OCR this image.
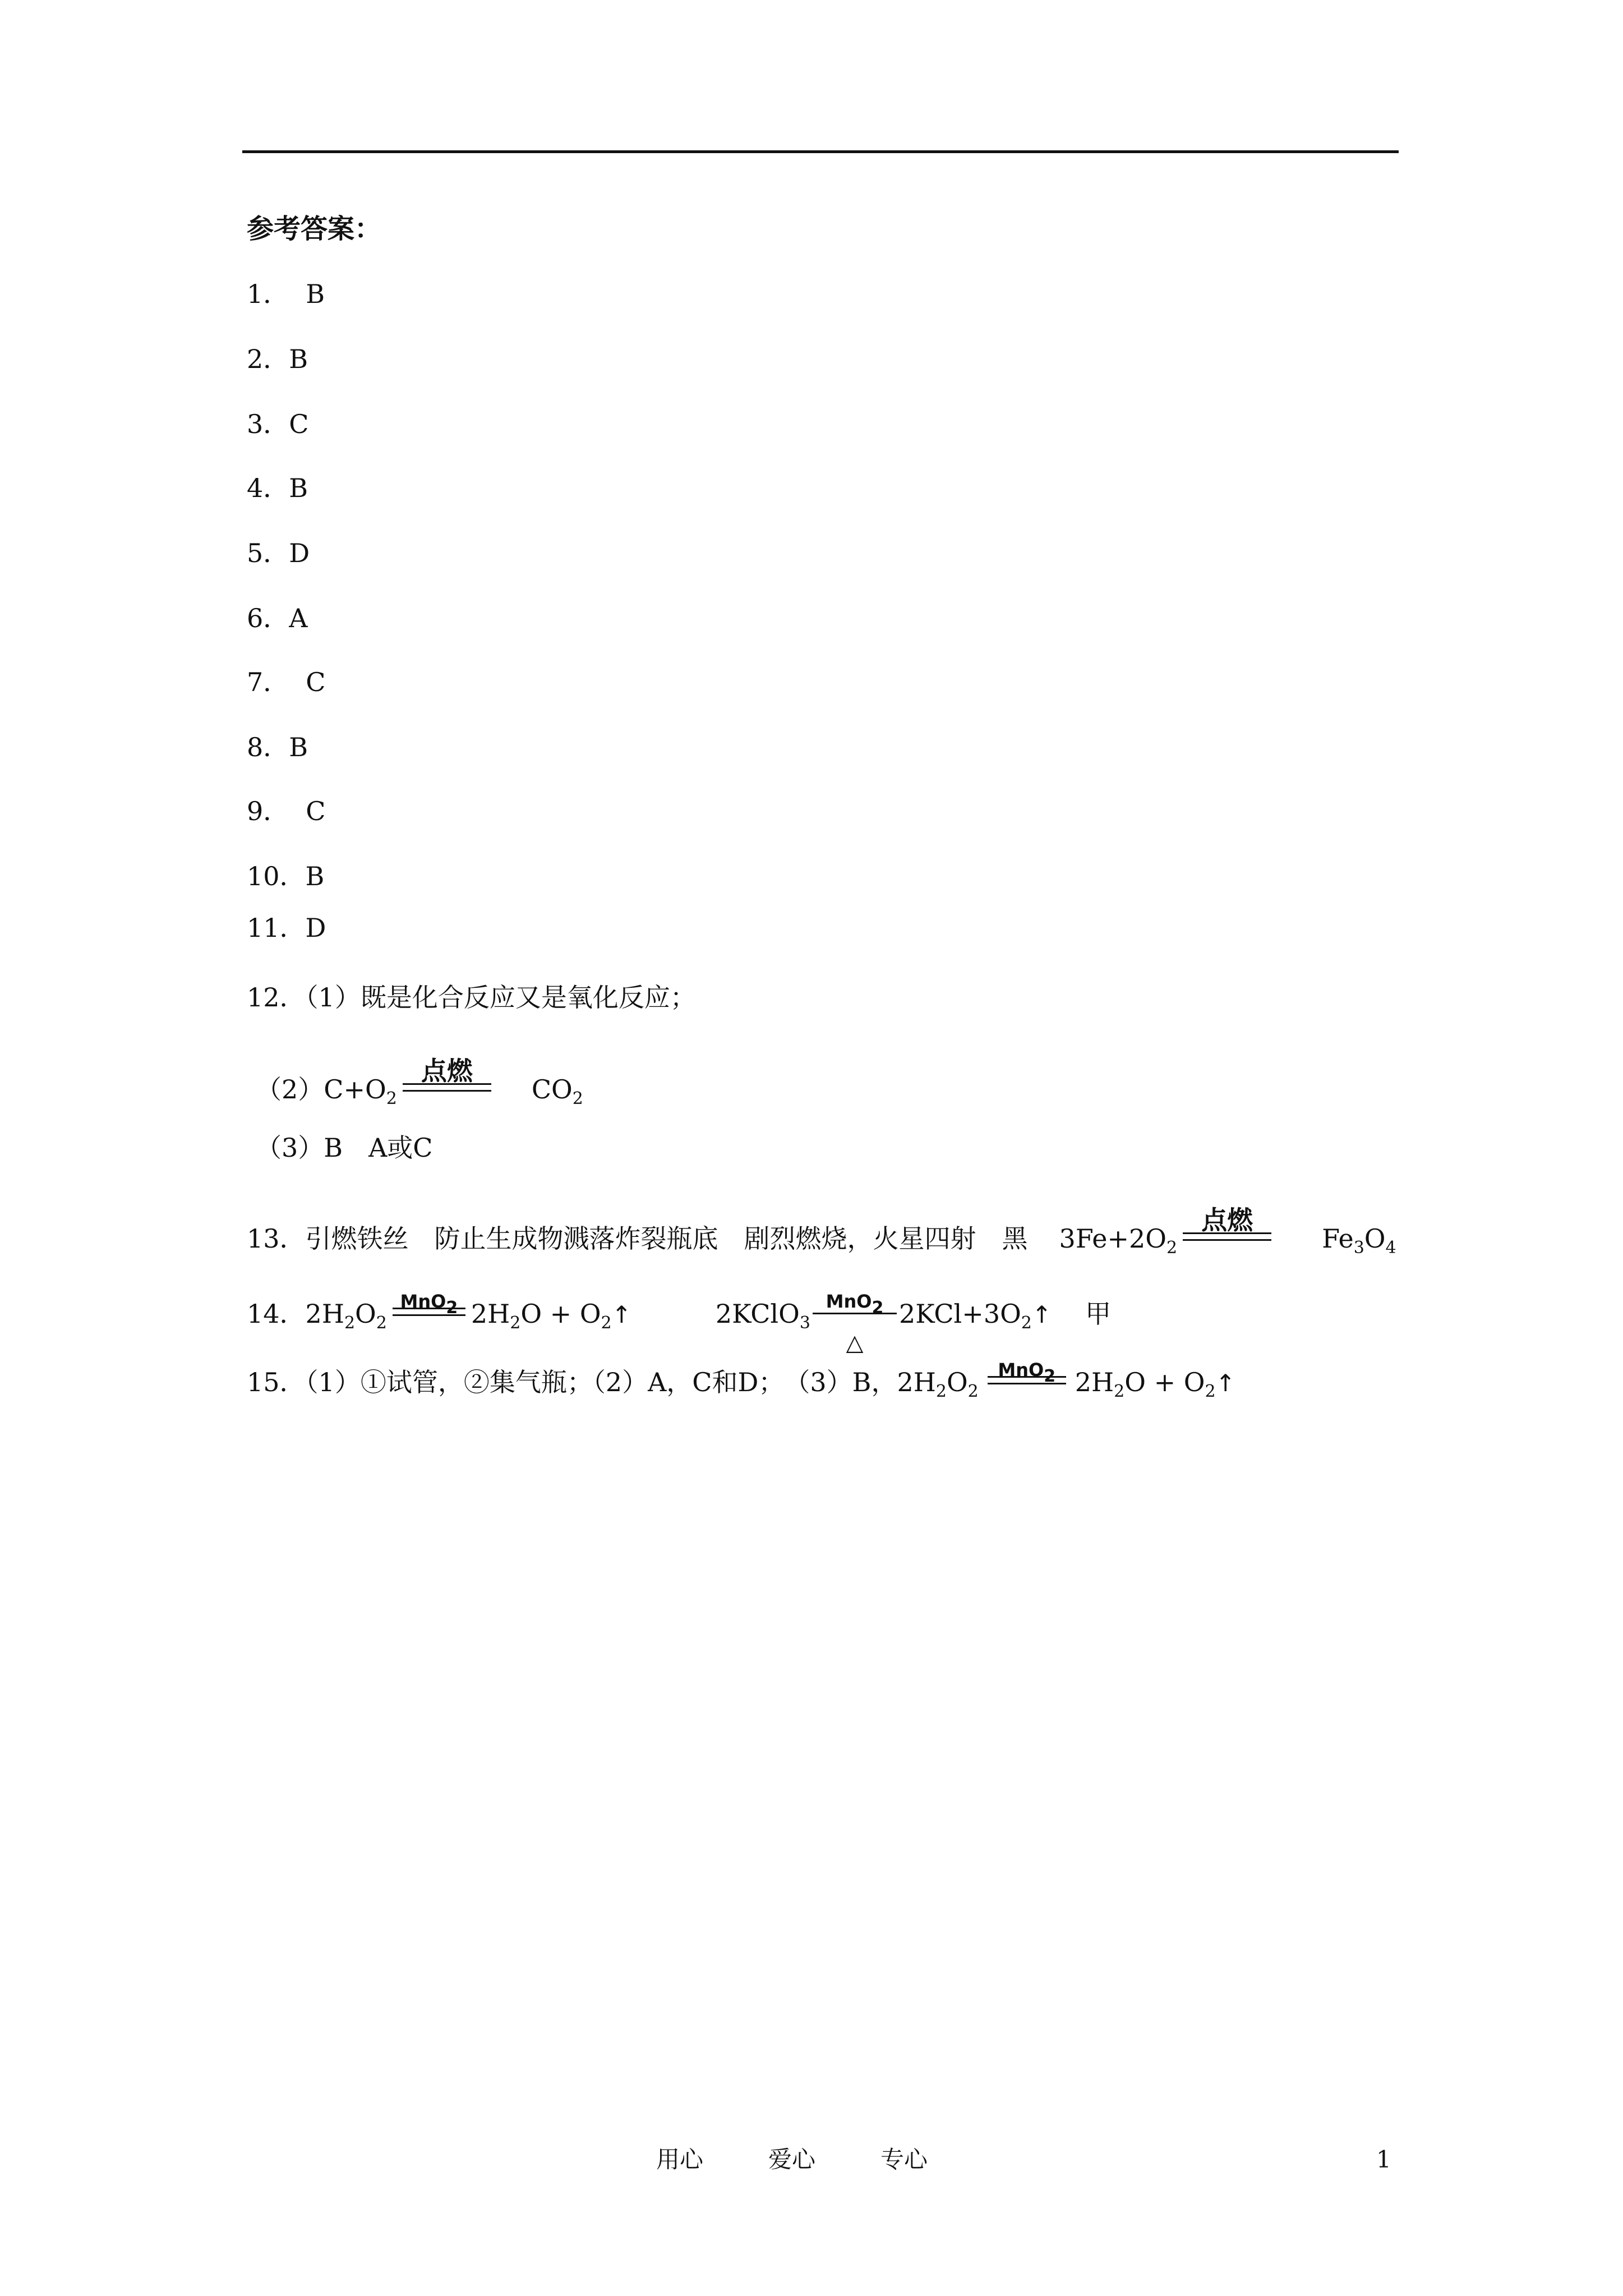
参考答案：
1． B
2．B
3．C
4．B
5．D
6．A
7． C
8．B
9． C
10．B
11．D
12．（1）既是化合反应又是氧化反应；
$(2)C+O_2$
点燃
$CO_2$
（3）B　A或C
13．引燃铁丝　防止生成物溅落炸裂瓶底　剧烈燃烧，火星四射　黑 $3Fe+2O_2$
点燃
$Fe_3O_4$
14．$2H_2O_2$
MnO$_2$ $2H_2O$ + $O_2↑$	2KClO$_3$
MnO$_2$
△
$2KCl+3O_2↑$ 甲
15．（1）①试管，②集气瓶；（2）A，C和D；　（3）B，$2H_2O_2$
MnO$_2$ $2H_2O$ + $O_2↑$
用心	爱心	专心	1
